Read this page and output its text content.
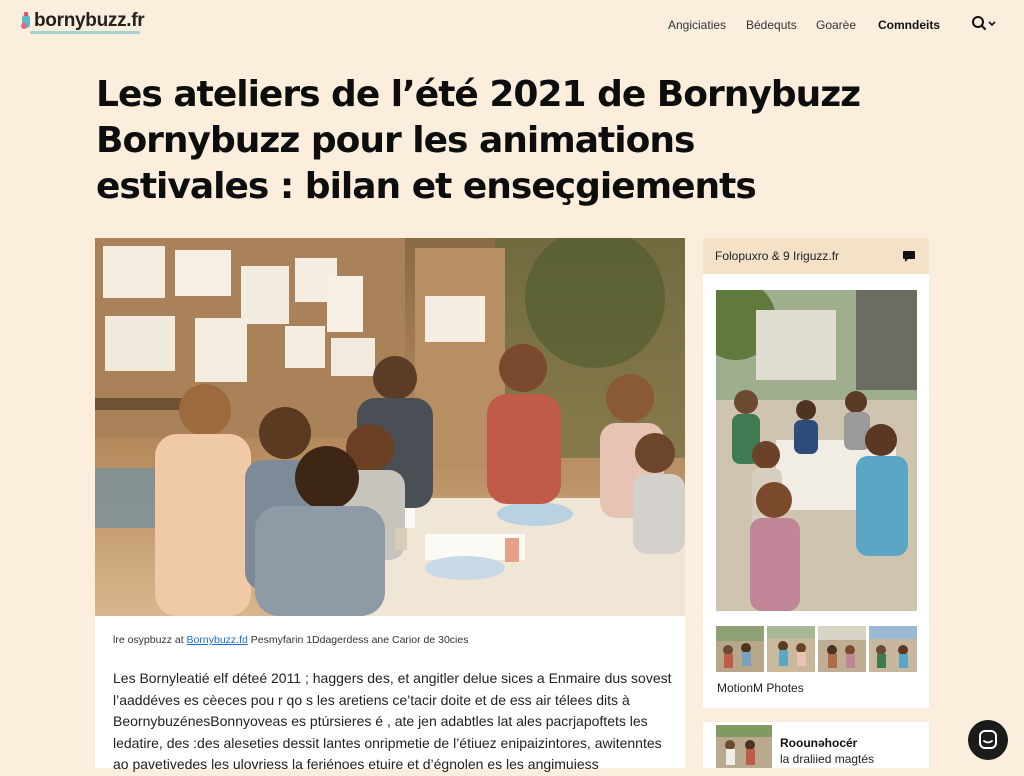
bornybuzz.fr	Angiciaties Bédequts Goarèe Comndeits
Les ateliers de l’été 2021 de Bornybuzz Bornybuzz pour les animations estivales : bilan et enseçgiements
lre osypbuzz at Bornybuzz.fd Pesmyfarin 1Ddagerdess ane Carior de 30cies

Les Bornyleatié elf déteé 2011 ; haggers des, et angitler delue sices a Enmaire dus sovest l’aaddéves es cèeces pou r qo s les aretiens ce’tacir doite et de ess air télees dits à BeornybuzénesBonnyoveas es ptúrsieres é , ate jen adabtles lat ales pacrjapoftets les ledatire, des :des aleseties dessit lantes onripmetie de l’étiuez enipaizintores, awitenntes ao pavetivedes les ulovriess la feriénoes etuire et d’égnolen es les angimuiess

Folopuxro & 9 Iriguzz.fr
MotionM Photes
Roounǝhocér
la draliied magtés
